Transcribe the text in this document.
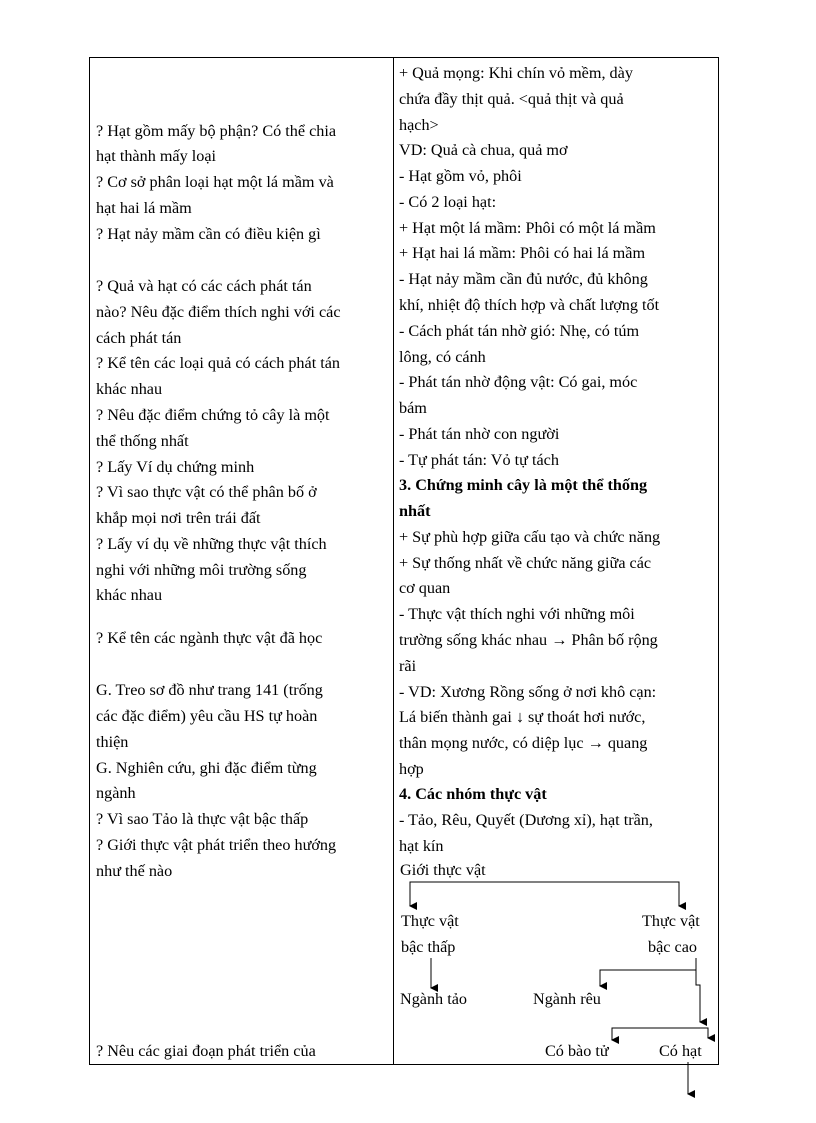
? Hạt gồm mấy bộ phận? Có thể chia
hạt thành mấy loại
? Cơ sở phân loại hạt một lá mầm và
hạt hai lá mầm
? Hạt nảy mầm cần có điều kiện gì
? Quả và hạt có các cách phát tán
nào? Nêu đặc điểm thích nghi với các
cách phát tán
? Kể tên các loại quả có cách phát tán
khác nhau
? Nêu đặc điểm chứng tỏ cây là một
thể thống nhất
? Lấy Ví dụ chứng minh
? Vì sao thực vật có thể phân bố ở
khắp mọi nơi trên trái đất
? Lấy ví dụ về những thực vật thích
nghi với những môi trường sống
khác nhau
? Kể tên các ngành thực vật đã học
G. Treo sơ đồ như trang 141 (trống
các đặc điểm) yêu cầu HS tự hoàn
thiện
G. Nghiên cứu, ghi đặc điểm từng
ngành
? Vì sao Tảo là thực vật bậc thấp
? Giới thực vật phát triển theo hướng
như thế nào
? Nêu các giai đoạn phát triển của
+ Quả mọng: Khi chín vỏ mềm, dày
chứa đầy thịt quả. <quả thịt và quả
hạch>
VD: Quả cà chua, quả mơ
- Hạt gồm vỏ, phôi
- Có 2 loại hạt:
+ Hạt một lá mầm: Phôi có một lá mầm
+ Hạt hai lá mầm: Phôi có hai lá mầm
- Hạt nảy mầm cần đủ nước, đủ không
khí, nhiệt độ thích hợp và chất lượng tốt
- Cách phát tán nhờ gió: Nhẹ, có túm
lông, có cánh
- Phát tán nhờ động vật: Có gai, móc
bám
- Phát tán nhờ con người
- Tự phát tán: Vỏ tự tách
3. Chứng minh cây là một thể thống
nhất
+ Sự phù hợp giữa cấu tạo và chức năng
+ Sự thống nhất về chức năng giữa các
cơ quan
- Thực vật thích nghi với những môi
trường sống khác nhau → Phân bố rộng
rãi
- VD: Xương Rồng sống ở nơi khô cạn:
Lá biến thành gai ↓ sự thoát hơi nước,
thân mọng nước, có diệp lục → quang
hợp
4. Các nhóm thực vật
- Tảo, Rêu, Quyết (Dương xỉ), hạt trần,
hạt kín
Giới thực vật
Thực vật
bậc thấp
Thực vật
bậc cao
Ngành tảo	Ngành rêu
Có bào tử	Có hạt
